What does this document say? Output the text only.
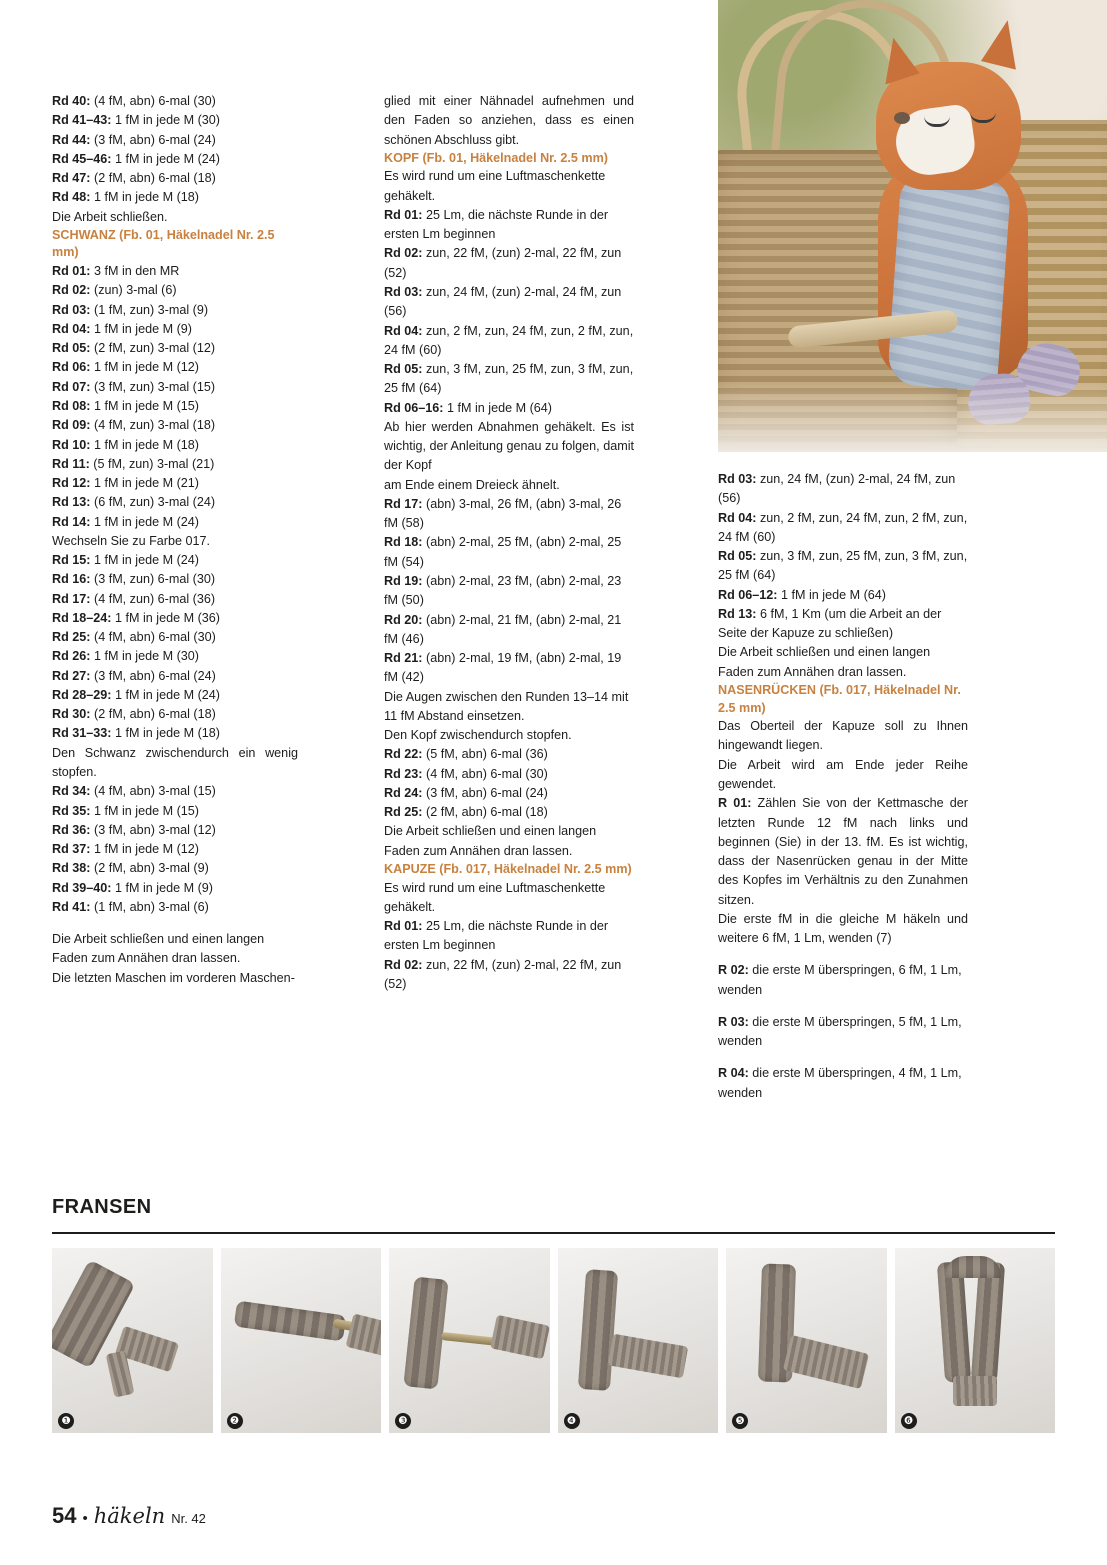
Rd 40: (4 fM, abn) 6-mal (30)

Rd 41–43: 1 fM in jede M (30)

Rd 44: (3 fM, abn) 6-mal (24)

Rd 45–46: 1 fM in jede M (24)

Rd 47: (2 fM, abn) 6-mal (18)

Rd 48: 1 fM in jede M (18)

Die Arbeit schließen.

SCHWANZ (Fb. 01, Häkelnadel Nr. 2.5 mm)

Rd 01: 3 fM in den MR

Rd 02: (zun) 3-mal (6)

Rd 03: (1 fM, zun) 3-mal (9)

Rd 04: 1 fM in jede M (9)

Rd 05: (2 fM, zun) 3-mal (12)

Rd 06: 1 fM in jede M (12)

Rd 07: (3 fM, zun) 3-mal (15)

Rd 08: 1 fM in jede M (15)

Rd 09: (4 fM, zun) 3-mal (18)

Rd 10: 1 fM in jede M (18)

Rd 11: (5 fM, zun) 3-mal (21)

Rd 12: 1 fM in jede M (21)

Rd 13: (6 fM, zun) 3-mal (24)

Rd 14: 1 fM in jede M (24)

Wechseln Sie zu Farbe 017.

Rd 15: 1 fM in jede M (24)

Rd 16: (3 fM, zun) 6-mal (30)

Rd 17: (4 fM, zun) 6-mal (36)

Rd 18–24: 1 fM in jede M (36)

Rd 25: (4 fM, abn) 6-mal (30)

Rd 26: 1 fM in jede M (30)

Rd 27: (3 fM, abn) 6-mal (24)

Rd 28–29: 1 fM in jede M (24)

Rd 30: (2 fM, abn) 6-mal (18)

Rd 31–33: 1 fM in jede M (18)

Den Schwanz zwischendurch ein wenig stopfen.

Rd 34: (4 fM, abn) 3-mal (15)

Rd 35: 1 fM in jede M (15)

Rd 36: (3 fM, abn) 3-mal (12)

Rd 37: 1 fM in jede M (12)

Rd 38: (2 fM, abn) 3-mal (9)

Rd 39–40: 1 fM in jede M (9)

Rd 41: (1 fM, abn) 3-mal (6)

Die Arbeit schließen und einen langen Faden zum Annähen dran lassen.

Die letzten Maschen im vorderen Maschen-

glied mit einer Nähnadel aufnehmen und den Faden so anziehen, dass es einen schönen Abschluss gibt.

KOPF (Fb. 01, Häkelnadel Nr. 2.5 mm)

Es wird rund um eine Luftmaschenkette gehäkelt.

Rd 01: 25 Lm, die nächste Runde in der ersten Lm beginnen

Rd 02: zun, 22 fM, (zun) 2-mal, 22 fM, zun (52)

Rd 03: zun, 24 fM, (zun) 2-mal, 24 fM, zun (56)

Rd 04: zun, 2 fM, zun, 24 fM, zun, 2 fM, zun, 24 fM (60)

Rd 05: zun, 3 fM, zun, 25 fM, zun, 3 fM, zun, 25 fM (64)

Rd 06–16: 1 fM in jede M (64)

Ab hier werden Abnahmen gehäkelt. Es ist wichtig, der Anleitung genau zu folgen, damit der Kopf

am Ende einem Dreieck ähnelt.

Rd 17: (abn) 3-mal, 26 fM, (abn) 3-mal, 26 fM (58)

Rd 18: (abn) 2-mal, 25 fM, (abn) 2-mal, 25 fM (54)

Rd 19: (abn) 2-mal, 23 fM, (abn) 2-mal, 23 fM (50)

Rd 20: (abn) 2-mal, 21 fM, (abn) 2-mal, 21 fM (46)

Rd 21: (abn) 2-mal, 19 fM, (abn) 2-mal, 19 fM (42)

Die Augen zwischen den Runden 13–14 mit 11 fM Abstand einsetzen.

Den Kopf zwischendurch stopfen.

Rd 22: (5 fM, abn) 6-mal (36)

Rd 23: (4 fM, abn) 6-mal (30)

Rd 24: (3 fM, abn) 6-mal (24)

Rd 25: (2 fM, abn) 6-mal (18)

Die Arbeit schließen und einen langen Faden zum Annähen dran lassen.

KAPUZE (Fb. 017, Häkelnadel Nr. 2.5 mm)

Es wird rund um eine Luftmaschenkette gehäkelt.

Rd 01: 25 Lm, die nächste Runde in der ersten Lm beginnen

Rd 02: zun, 22 fM, (zun) 2-mal, 22 fM, zun (52)

Rd 03: zun, 24 fM, (zun) 2-mal, 24 fM, zun (56)

Rd 04: zun, 2 fM, zun, 24 fM, zun, 2 fM, zun, 24 fM (60)

Rd 05: zun, 3 fM, zun, 25 fM, zun, 3 fM, zun, 25 fM (64)

Rd 06–12: 1 fM in jede M (64)

Rd 13: 6 fM, 1 Km (um die Arbeit an der Seite der Kapuze zu schließen)

Die Arbeit schließen und einen langen Faden zum Annähen dran lassen.

NASENRÜCKEN (Fb. 017, Häkelnadel Nr. 2.5 mm)

Das Oberteil der Kapuze soll zu Ihnen hingewandt liegen.

Die Arbeit wird am Ende jeder Reihe gewendet.

R 01: Zählen Sie von der Kettmasche der letzten Runde 12 fM nach links und beginnen (Sie) in der 13. fM. Es ist wichtig, dass der Nasenrücken genau in der Mitte des Kopfes im Verhältnis zu den Zunahmen sitzen.

Die erste fM in die gleiche M häkeln und weitere 6 fM, 1 Lm, wenden (7)

R 02: die erste M überspringen, 6 fM, 1 Lm, wenden

R 03: die erste M überspringen, 5 fM, 1 Lm, wenden

R 04: die erste M überspringen, 4 fM, 1 Lm, wenden

FRANSEN
❶	❷	❸	❹	❺	❻
54 • häkeln Nr. 42
